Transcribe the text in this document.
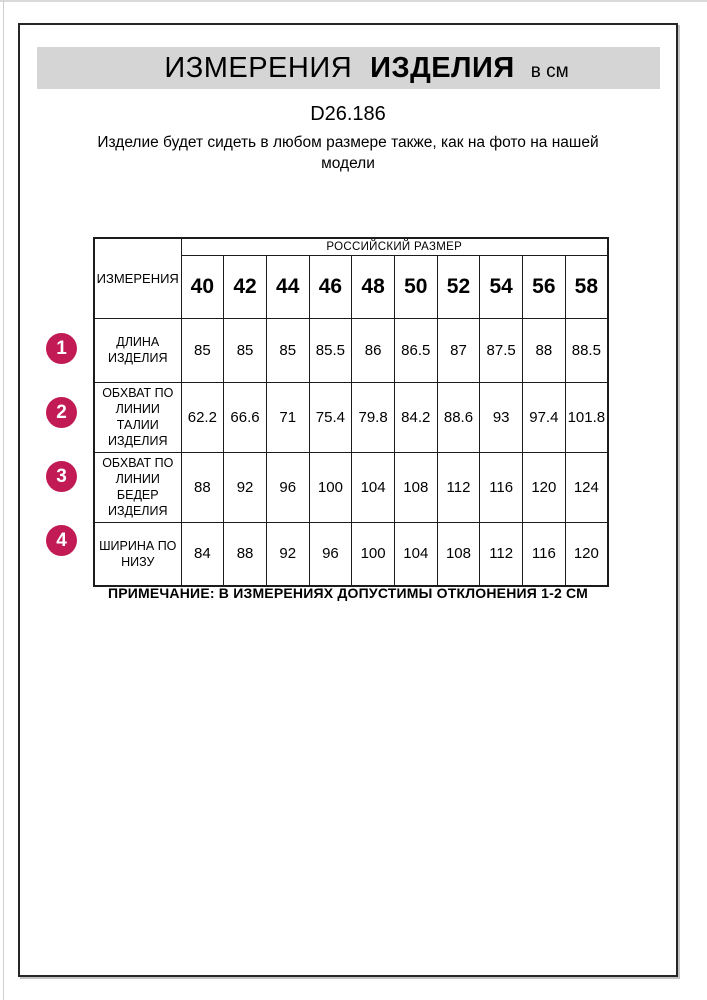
ИЗМЕРЕНИЯ ИЗДЕЛИЯ в см
D26.186
Изделие будет сидеть в любом размере также, как на фото на нашей модели
ИЗМЕРЕНИЯ	РОССИЙСКИЙ РАЗМЕР									
	40	42	44	46	48	50	52	54	56	58
ДЛИНА ИЗДЕЛИЯ	85	85	85	85.5	86	86.5	87	87.5	88	88.5
ОБХВАТ ПО ЛИНИИ ТАЛИИ ИЗДЕЛИЯ	62.2	66.6	71	75.4	79.8	84.2	88.6	93	97.4	101.8
ОБХВАТ ПО ЛИНИИ БЕДЕР ИЗДЕЛИЯ	88	92	96	100	104	108	112	116	120	124
ШИРИНА ПО НИЗУ	84	88	92	96	100	104	108	112	116	120
1
2
3
4
ПРИМЕЧАНИЕ: В ИЗМЕРЕНИЯХ ДОПУСТИМЫ ОТКЛОНЕНИЯ 1-2 СМ
